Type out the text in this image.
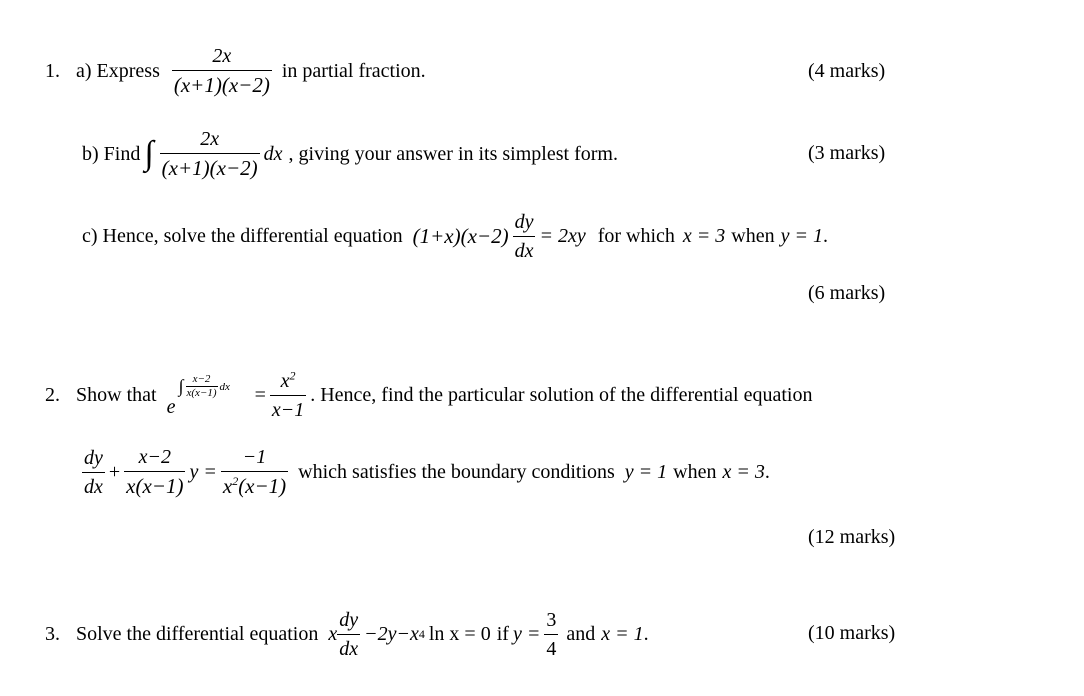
1. a) Express $\frac{2x}{(x+1)(x-2)}$ in partial fraction.	(4 marks)
b) Find ∫ $\frac{2x}{(x+1)(x-2)}$ dx , giving your answer in its simplest form.	(3 marks)
c) Hence, solve the differential equation $(1+x)(x-2) \frac{dy}{dx} = 2xy$ for which x = 3 when y = 1 .
(6 marks)
2. Show that
e
∫ $\frac{x-2}{x(x-1)}$ dx = $\frac{x^2}{x-1}$ . Hence, find the particular solution of the differential equation
$\frac{dy}{dx} + \frac{x-2}{x(x-1)}$ $y = \frac{-1}{x^2(x-1)}$ which satisfies the boundary conditions y = 1 when x = 3 .
(12 marks)
3. Solve the differential equation x $\frac{dy}{dx} -2y-x$ 4 ln x = 0 if $y = \frac{3}{4}$ and x = 1 .	(10 marks)
